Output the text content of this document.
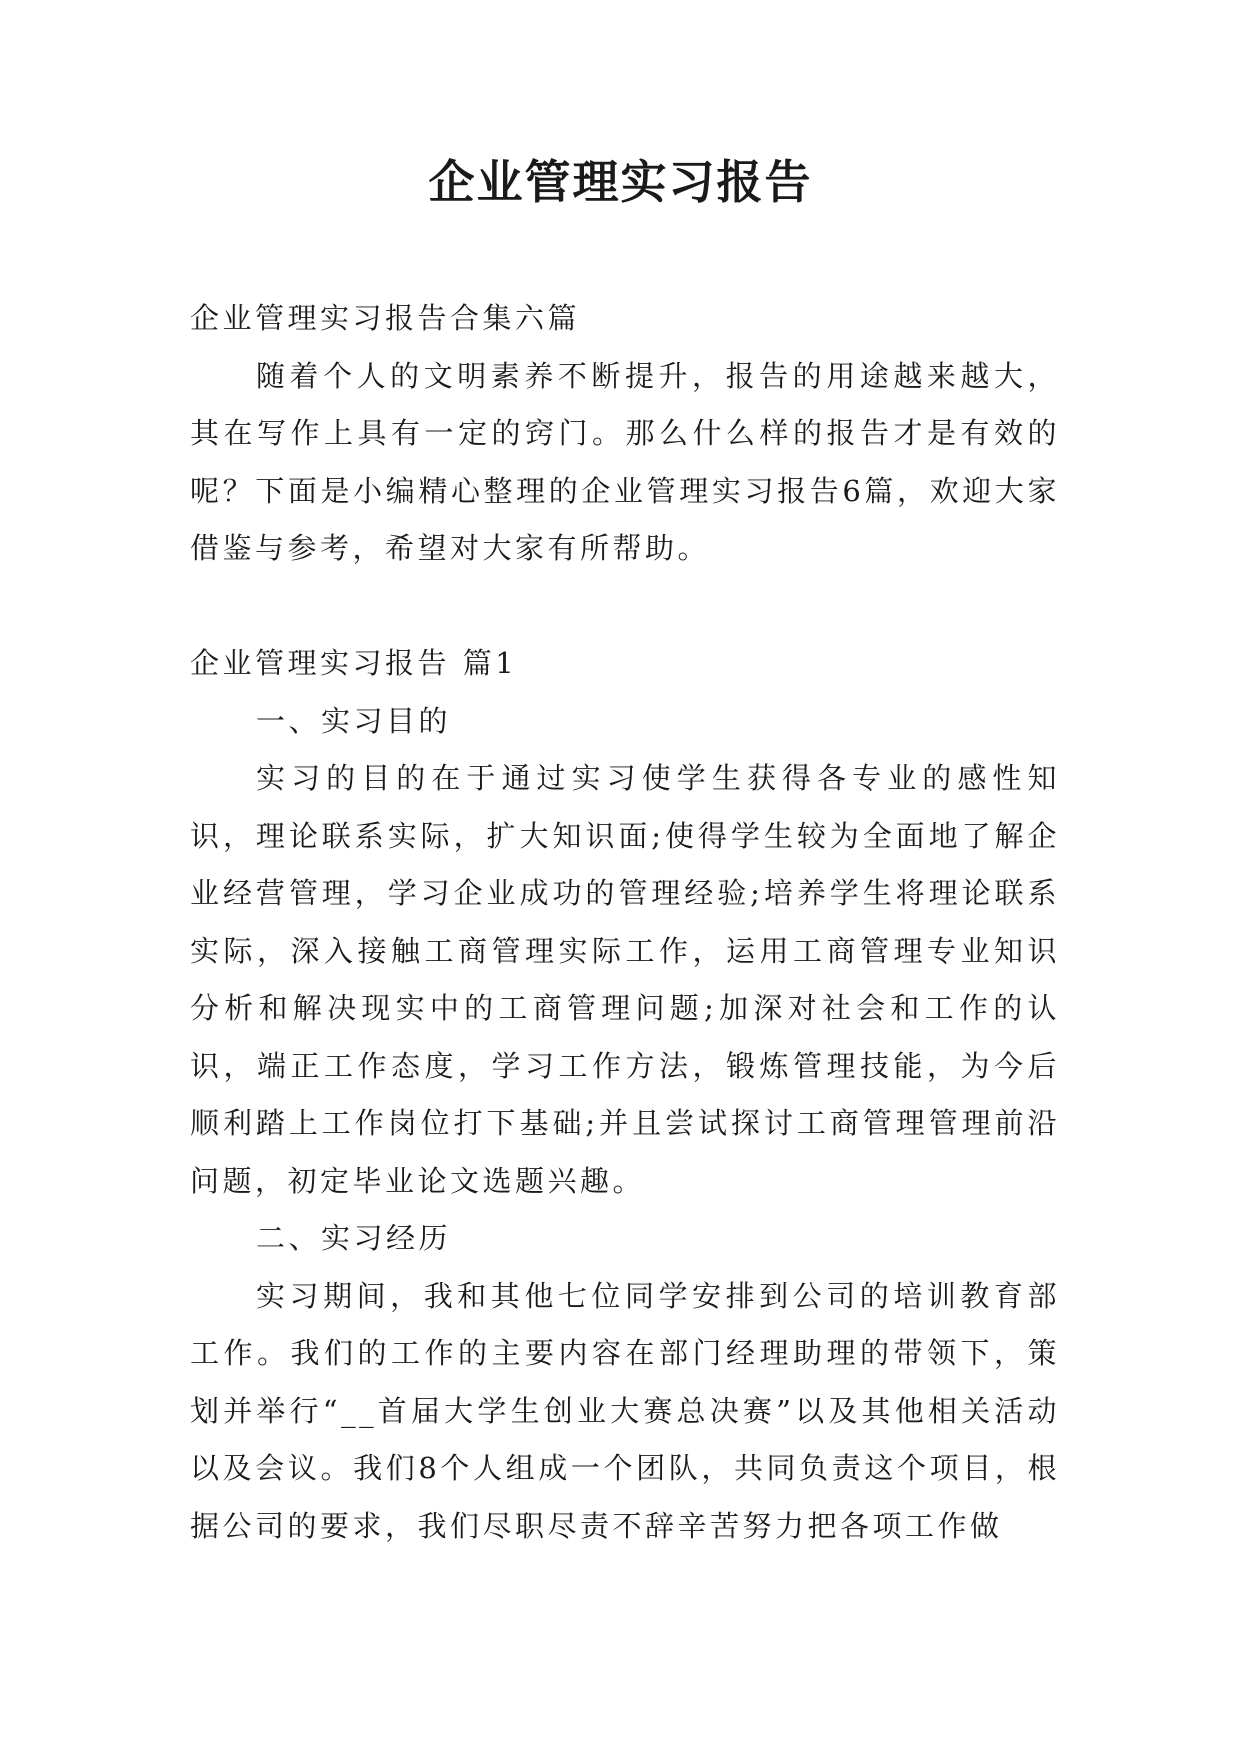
企业管理实习报告

企业管理实习报告合集六篇

随着个人的文明素养不断提升，报告的用途越来越大，其在写作上具有一定的窍门。那么什么样的报告才是有效的呢？下面是小编精心整理的企业管理实习报告6篇，欢迎大家借鉴与参考，希望对大家有所帮助。

企业管理实习报告 篇1

一、实习目的

实习的目的在于通过实习使学生获得各专业的感性知识，理论联系实际，扩大知识面;使得学生较为全面地了解企业经营管理，学习企业成功的管理经验;培养学生将理论联系实际，深入接触工商管理实际工作，运用工商管理专业知识分析和解决现实中的工商管理问题;加深对社会和工作的认识，端正工作态度，学习工作方法，锻炼管理技能，为今后顺利踏上工作岗位打下基础;并且尝试探讨工商管理管理前沿问题，初定毕业论文选题兴趣。

二、实习经历

实习期间，我和其他七位同学安排到公司的培训教育部工作。我们的工作的主要内容在部门经理助理的带领下，策划并举行“__首届大学生创业大赛总决赛”以及其他相关活动以及会议。我们8个人组成一个团队，共同负责这个项目，根据公司的要求，我们尽职尽责不辞辛苦努力把各项工作做
